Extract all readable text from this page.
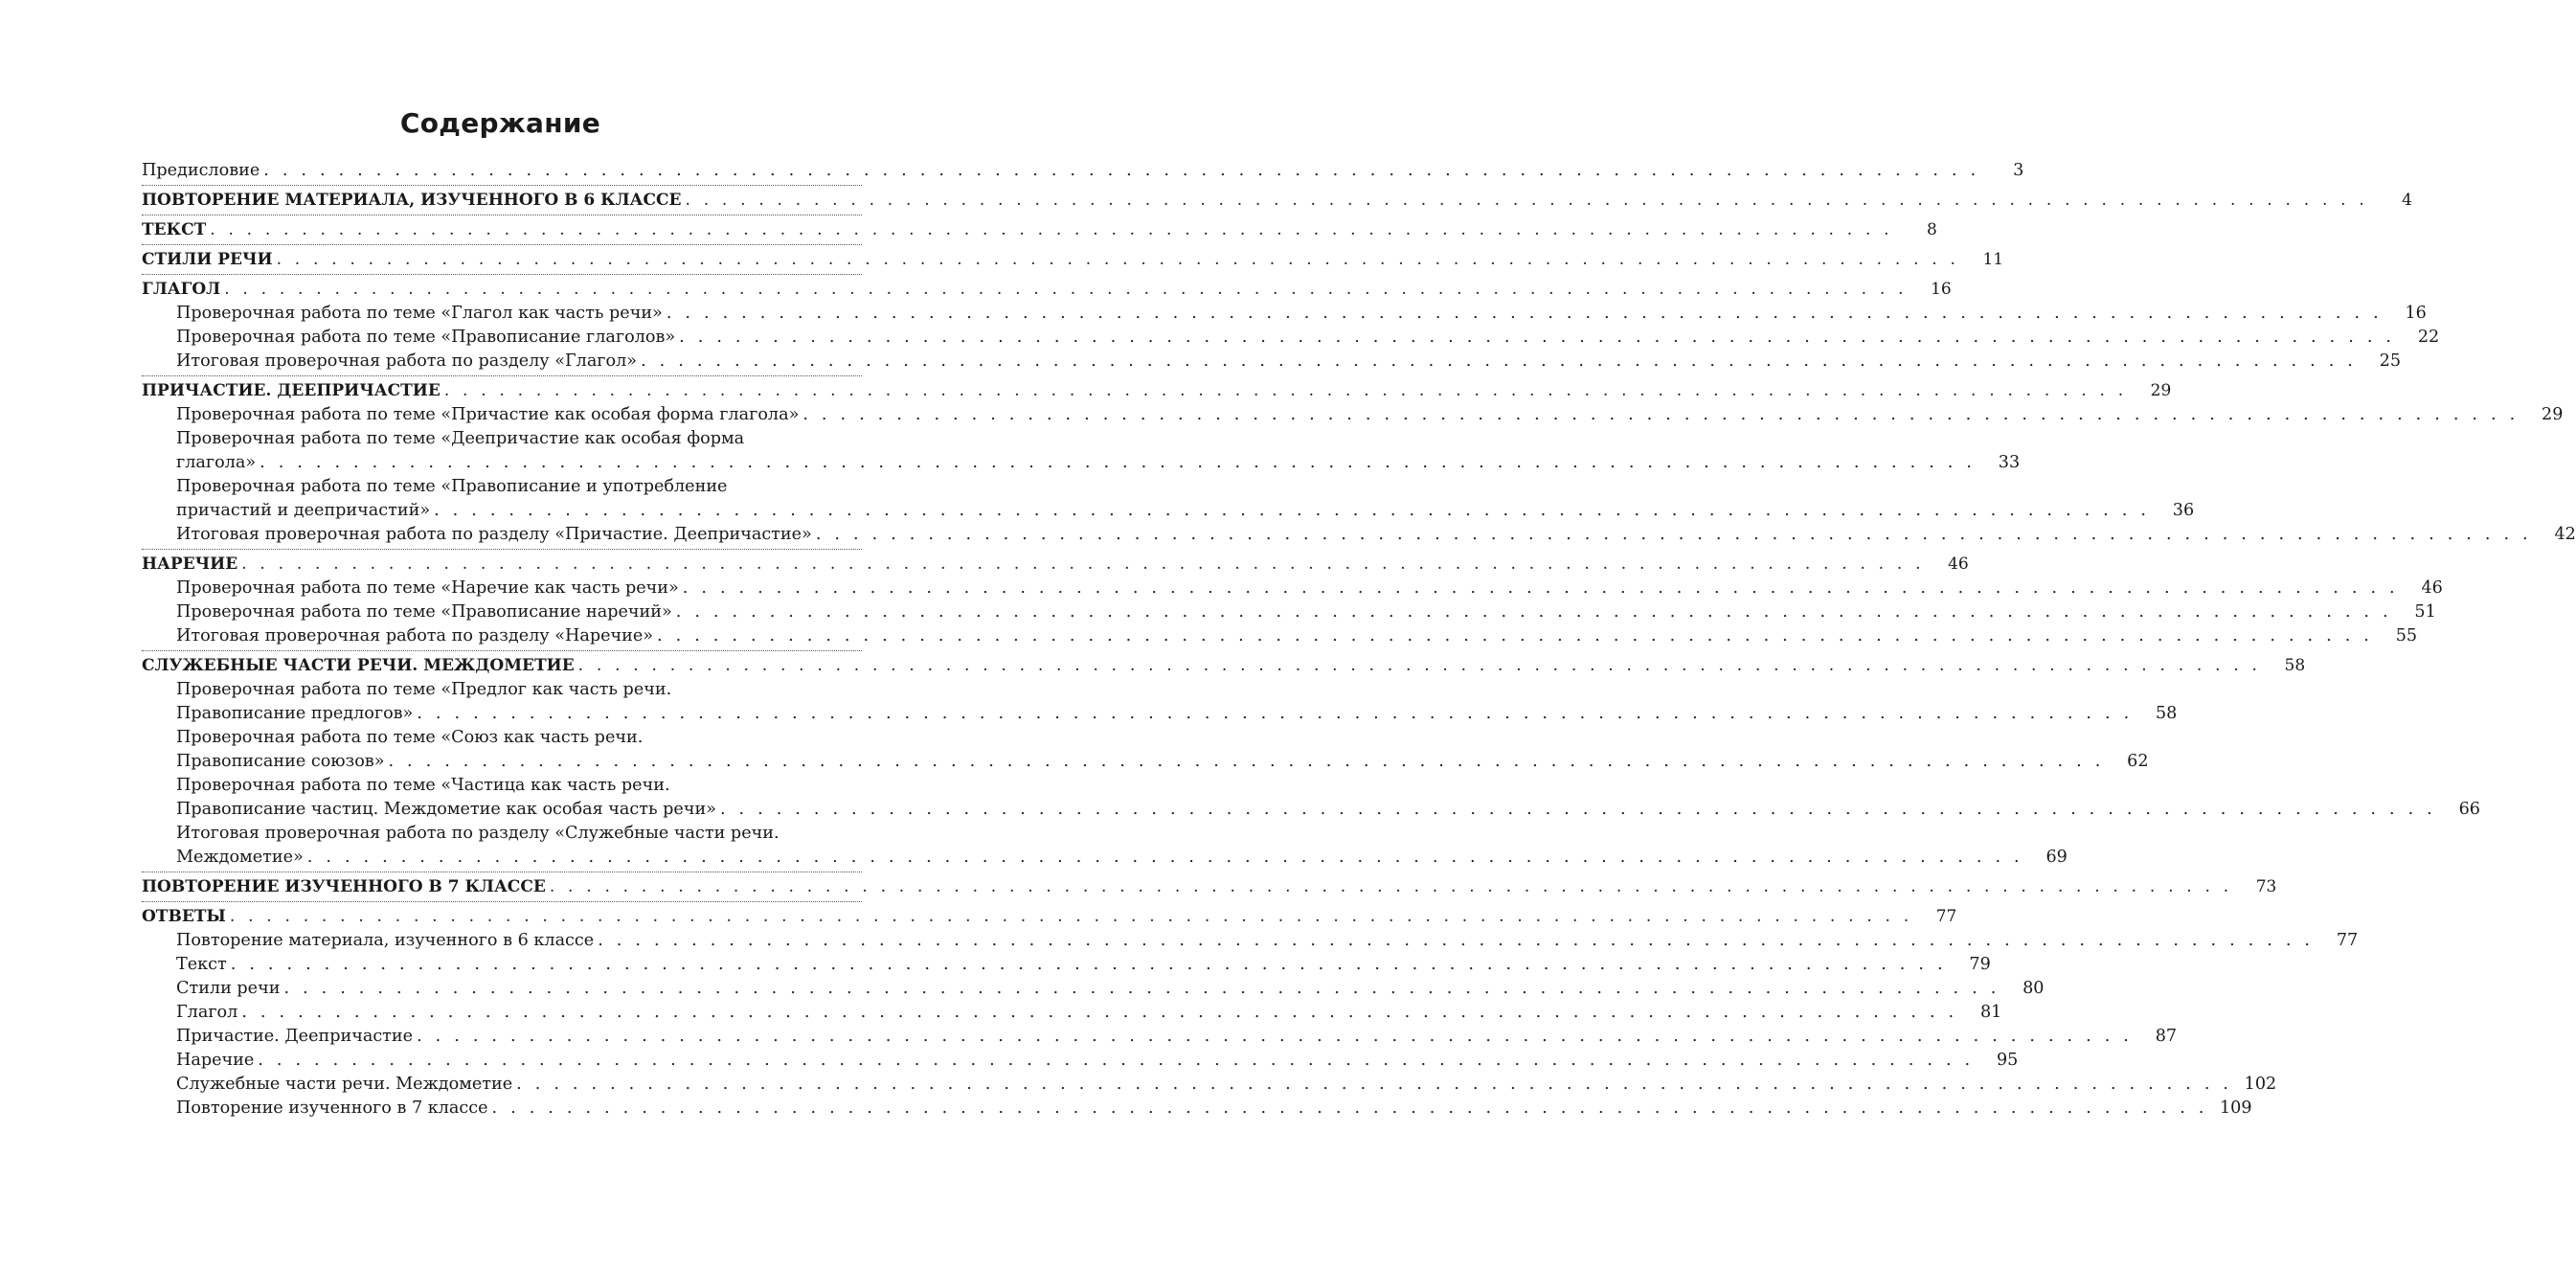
Содержание
Предисловие . . . . . . . . . . . . . . . . . . . . . . . . . . . . . . . . . . . . . . . . . . . . . . . . . . . . . . . . . . . . . . . . . . . . . . . . . . . . . . . . . . . . . . . . . . . .	3
ПОВТОРЕНИЕ МАТЕРИАЛА, ИЗУЧЕННОГО В 6 КЛАССЕ . . . . . . . . . . . . . . . . . . . . . . . . . . . . . . . . . . . . . . . . . . . . . . . . . . . . . . . . . . . . . . . . . . . . . . . . . . . . . . . . . . . . . . . . . . . .	4
ТЕКСТ . . . . . . . . . . . . . . . . . . . . . . . . . . . . . . . . . . . . . . . . . . . . . . . . . . . . . . . . . . . . . . . . . . . . . . . . . . . . . . . . . . . . . . . . . . . .	8
СТИЛИ РЕЧИ . . . . . . . . . . . . . . . . . . . . . . . . . . . . . . . . . . . . . . . . . . . . . . . . . . . . . . . . . . . . . . . . . . . . . . . . . . . . . . . . . . . . . . . . . . . .	11
ГЛАГОЛ . . . . . . . . . . . . . . . . . . . . . . . . . . . . . . . . . . . . . . . . . . . . . . . . . . . . . . . . . . . . . . . . . . . . . . . . . . . . . . . . . . . . . . . . . . . .	16
Проверочная работа по теме «Глагол как часть речи» . . . . . . . . . . . . . . . . . . . . . . . . . . . . . . . . . . . . . . . . . . . . . . . . . . . . . . . . . . . . . . . . . . . . . . . . . . . . . . . . . . . . . . . . . . . .	16
Проверочная работа по теме «Правописание глаголов» . . . . . . . . . . . . . . . . . . . . . . . . . . . . . . . . . . . . . . . . . . . . . . . . . . . . . . . . . . . . . . . . . . . . . . . . . . . . . . . . . . . . . . . . . . . .	22
Итоговая проверочная работа по разделу «Глагол» . . . . . . . . . . . . . . . . . . . . . . . . . . . . . . . . . . . . . . . . . . . . . . . . . . . . . . . . . . . . . . . . . . . . . . . . . . . . . . . . . . . . . . . . . . . .	25
ПРИЧАСТИЕ. ДЕЕПРИЧАСТИЕ . . . . . . . . . . . . . . . . . . . . . . . . . . . . . . . . . . . . . . . . . . . . . . . . . . . . . . . . . . . . . . . . . . . . . . . . . . . . . . . . . . . . . . . . . . . .	29
Проверочная работа по теме «Причастие как особая форма глагола» . . . . . . . . . . . . . . . . . . . . . . . . . . . . . . . . . . . . . . . . . . . . . . . . . . . . . . . . . . . . . . . . . . . . . . . . . . . . . . . . . . . . . . . . . . . .	29
Проверочная работа по теме «Деепричастие как особая форма
глагола» . . . . . . . . . . . . . . . . . . . . . . . . . . . . . . . . . . . . . . . . . . . . . . . . . . . . . . . . . . . . . . . . . . . . . . . . . . . . . . . . . . . . . . . . . . . .	33
Проверочная работа по теме «Правописание и употребление
причастий и деепричастий» . . . . . . . . . . . . . . . . . . . . . . . . . . . . . . . . . . . . . . . . . . . . . . . . . . . . . . . . . . . . . . . . . . . . . . . . . . . . . . . . . . . . . . . . . . . .	36
Итоговая проверочная работа по разделу «Причастие. Деепричастие» . . . . . . . . . . . . . . . . . . . . . . . . . . . . . . . . . . . . . . . . . . . . . . . . . . . . . . . . . . . . . . . . . . . . . . . . . . . . . . . . . . . . . . . . . . . .	42
НАРЕЧИЕ . . . . . . . . . . . . . . . . . . . . . . . . . . . . . . . . . . . . . . . . . . . . . . . . . . . . . . . . . . . . . . . . . . . . . . . . . . . . . . . . . . . . . . . . . . . .	46
Проверочная работа по теме «Наречие как часть речи» . . . . . . . . . . . . . . . . . . . . . . . . . . . . . . . . . . . . . . . . . . . . . . . . . . . . . . . . . . . . . . . . . . . . . . . . . . . . . . . . . . . . . . . . . . . .	46
Проверочная работа по теме «Правописание наречий» . . . . . . . . . . . . . . . . . . . . . . . . . . . . . . . . . . . . . . . . . . . . . . . . . . . . . . . . . . . . . . . . . . . . . . . . . . . . . . . . . . . . . . . . . . . .	51
Итоговая проверочная работа по разделу «Наречие» . . . . . . . . . . . . . . . . . . . . . . . . . . . . . . . . . . . . . . . . . . . . . . . . . . . . . . . . . . . . . . . . . . . . . . . . . . . . . . . . . . . . . . . . . . . .	55
СЛУЖЕБНЫЕ ЧАСТИ РЕЧИ. МЕЖДОМЕТИЕ . . . . . . . . . . . . . . . . . . . . . . . . . . . . . . . . . . . . . . . . . . . . . . . . . . . . . . . . . . . . . . . . . . . . . . . . . . . . . . . . . . . . . . . . . . . .	58
Проверочная работа по теме «Предлог как часть речи.
Правописание предлогов» . . . . . . . . . . . . . . . . . . . . . . . . . . . . . . . . . . . . . . . . . . . . . . . . . . . . . . . . . . . . . . . . . . . . . . . . . . . . . . . . . . . . . . . . . . . .	58
Проверочная работа по теме «Союз как часть речи.
Правописание союзов» . . . . . . . . . . . . . . . . . . . . . . . . . . . . . . . . . . . . . . . . . . . . . . . . . . . . . . . . . . . . . . . . . . . . . . . . . . . . . . . . . . . . . . . . . . . .	62
Проверочная работа по теме «Частица как часть речи.
Правописание частиц. Междометие как особая часть речи» . . . . . . . . . . . . . . . . . . . . . . . . . . . . . . . . . . . . . . . . . . . . . . . . . . . . . . . . . . . . . . . . . . . . . . . . . . . . . . . . . . . . . . . . . . . .	66
Итоговая проверочная работа по разделу «Служебные части речи.
Междометие» . . . . . . . . . . . . . . . . . . . . . . . . . . . . . . . . . . . . . . . . . . . . . . . . . . . . . . . . . . . . . . . . . . . . . . . . . . . . . . . . . . . . . . . . . . . .	69
ПОВТОРЕНИЕ ИЗУЧЕННОГО В 7 КЛАССЕ . . . . . . . . . . . . . . . . . . . . . . . . . . . . . . . . . . . . . . . . . . . . . . . . . . . . . . . . . . . . . . . . . . . . . . . . . . . . . . . . . . . . . . . . . . . .	73
ОТВЕТЫ . . . . . . . . . . . . . . . . . . . . . . . . . . . . . . . . . . . . . . . . . . . . . . . . . . . . . . . . . . . . . . . . . . . . . . . . . . . . . . . . . . . . . . . . . . . .	77
Повторение материала, изученного в 6 классе . . . . . . . . . . . . . . . . . . . . . . . . . . . . . . . . . . . . . . . . . . . . . . . . . . . . . . . . . . . . . . . . . . . . . . . . . . . . . . . . . . . . . . . . . . . .	77
Текст . . . . . . . . . . . . . . . . . . . . . . . . . . . . . . . . . . . . . . . . . . . . . . . . . . . . . . . . . . . . . . . . . . . . . . . . . . . . . . . . . . . . . . . . . . . .	79
Стили речи . . . . . . . . . . . . . . . . . . . . . . . . . . . . . . . . . . . . . . . . . . . . . . . . . . . . . . . . . . . . . . . . . . . . . . . . . . . . . . . . . . . . . . . . . . . .	80
Глагол . . . . . . . . . . . . . . . . . . . . . . . . . . . . . . . . . . . . . . . . . . . . . . . . . . . . . . . . . . . . . . . . . . . . . . . . . . . . . . . . . . . . . . . . . . . .	81
Причастие. Деепричастие . . . . . . . . . . . . . . . . . . . . . . . . . . . . . . . . . . . . . . . . . . . . . . . . . . . . . . . . . . . . . . . . . . . . . . . . . . . . . . . . . . . . . . . . . . . .	87
Наречие . . . . . . . . . . . . . . . . . . . . . . . . . . . . . . . . . . . . . . . . . . . . . . . . . . . . . . . . . . . . . . . . . . . . . . . . . . . . . . . . . . . . . . . . . . . .	95
Служебные части речи. Междометие . . . . . . . . . . . . . . . . . . . . . . . . . . . . . . . . . . . . . . . . . . . . . . . . . . . . . . . . . . . . . . . . . . . . . . . . . . . . . . . . . . . . . . . . . . . . 102
Повторение изученного в 7 классе . . . . . . . . . . . . . . . . . . . . . . . . . . . . . . . . . . . . . . . . . . . . . . . . . . . . . . . . . . . . . . . . . . . . . . . . . . . . . . . . . . . . . . . . . . . . 109
